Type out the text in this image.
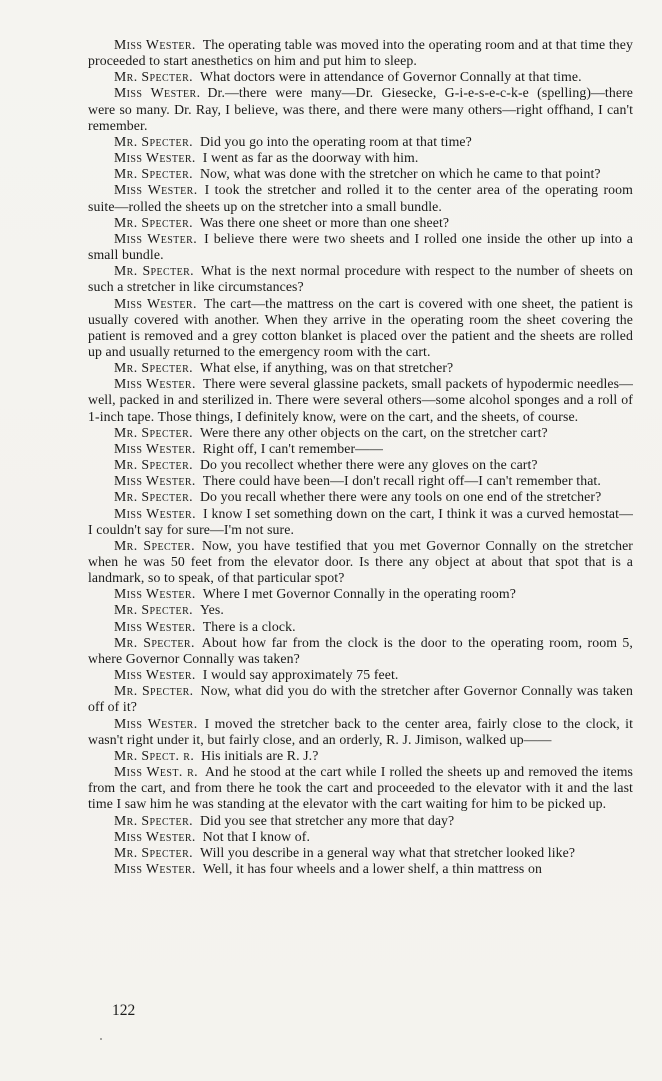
Miss Wester. The operating table was moved into the operating room and at that time they proceeded to start anesthetics on him and put him to sleep.

Mr. Specter. What doctors were in attendance of Governor Connally at that time.

Miss Wester. Dr.—there were many—Dr. Giesecke, G-i-e-s-e-c-k-e (spelling)—there were so many. Dr. Ray, I believe, was there, and there were many others—right offhand, I can't remember.

Mr. Specter. Did you go into the operating room at that time?

Miss Wester. I went as far as the doorway with him.

Mr. Specter. Now, what was done with the stretcher on which he came to that point?

Miss Wester. I took the stretcher and rolled it to the center area of the operating room suite—rolled the sheets up on the stretcher into a small bundle.

Mr. Specter. Was there one sheet or more than one sheet?

Miss Wester. I believe there were two sheets and I rolled one inside the other up into a small bundle.

Mr. Specter. What is the next normal procedure with respect to the number of sheets on such a stretcher in like circumstances?

Miss Wester. The cart—the mattress on the cart is covered with one sheet, the patient is usually covered with another. When they arrive in the operating room the sheet covering the patient is removed and a grey cotton blanket is placed over the patient and the sheets are rolled up and usually returned to the emergency room with the cart.

Mr. Specter. What else, if anything, was on that stretcher?

Miss Wester. There were several glassine packets, small packets of hypodermic needles—well, packed in and sterilized in. There were several others—some alcohol sponges and a roll of 1-inch tape. Those things, I definitely know, were on the cart, and the sheets, of course.

Mr. Specter. Were there any other objects on the cart, on the stretcher cart?

Miss Wester. Right off, I can't remember——

Mr. Specter. Do you recollect whether there were any gloves on the cart?

Miss Wester. There could have been—I don't recall right off—I can't remember that.

Mr. Specter. Do you recall whether there were any tools on one end of the stretcher?

Miss Wester. I know I set something down on the cart, I think it was a curved hemostat—I couldn't say for sure—I'm not sure.

Mr. Specter. Now, you have testified that you met Governor Connally on the stretcher when he was 50 feet from the elevator door. Is there any object at about that spot that is a landmark, so to speak, of that particular spot?

Miss Wester. Where I met Governor Connally in the operating room?

Mr. Specter. Yes.

Miss Wester. There is a clock.

Mr. Specter. About how far from the clock is the door to the operating room, room 5, where Governor Connally was taken?

Miss Wester. I would say approximately 75 feet.

Mr. Specter. Now, what did you do with the stretcher after Governor Connally was taken off of it?

Miss Wester. I moved the stretcher back to the center area, fairly close to the clock, it wasn't right under it, but fairly close, and an orderly, R. J. Jimison, walked up——

Mr. Spect. r. His initials are R. J.?

Miss West. r. And he stood at the cart while I rolled the sheets up and removed the items from the cart, and from there he took the cart and proceeded to the elevator with it and the last time I saw him he was standing at the elevator with the cart waiting for him to be picked up.

Mr. Specter. Did you see that stretcher any more that day?

Miss Wester. Not that I know of.

Mr. Specter. Will you describe in a general way what that stretcher looked like?

Miss Wester. Well, it has four wheels and a lower shelf, a thin mattress on

122
